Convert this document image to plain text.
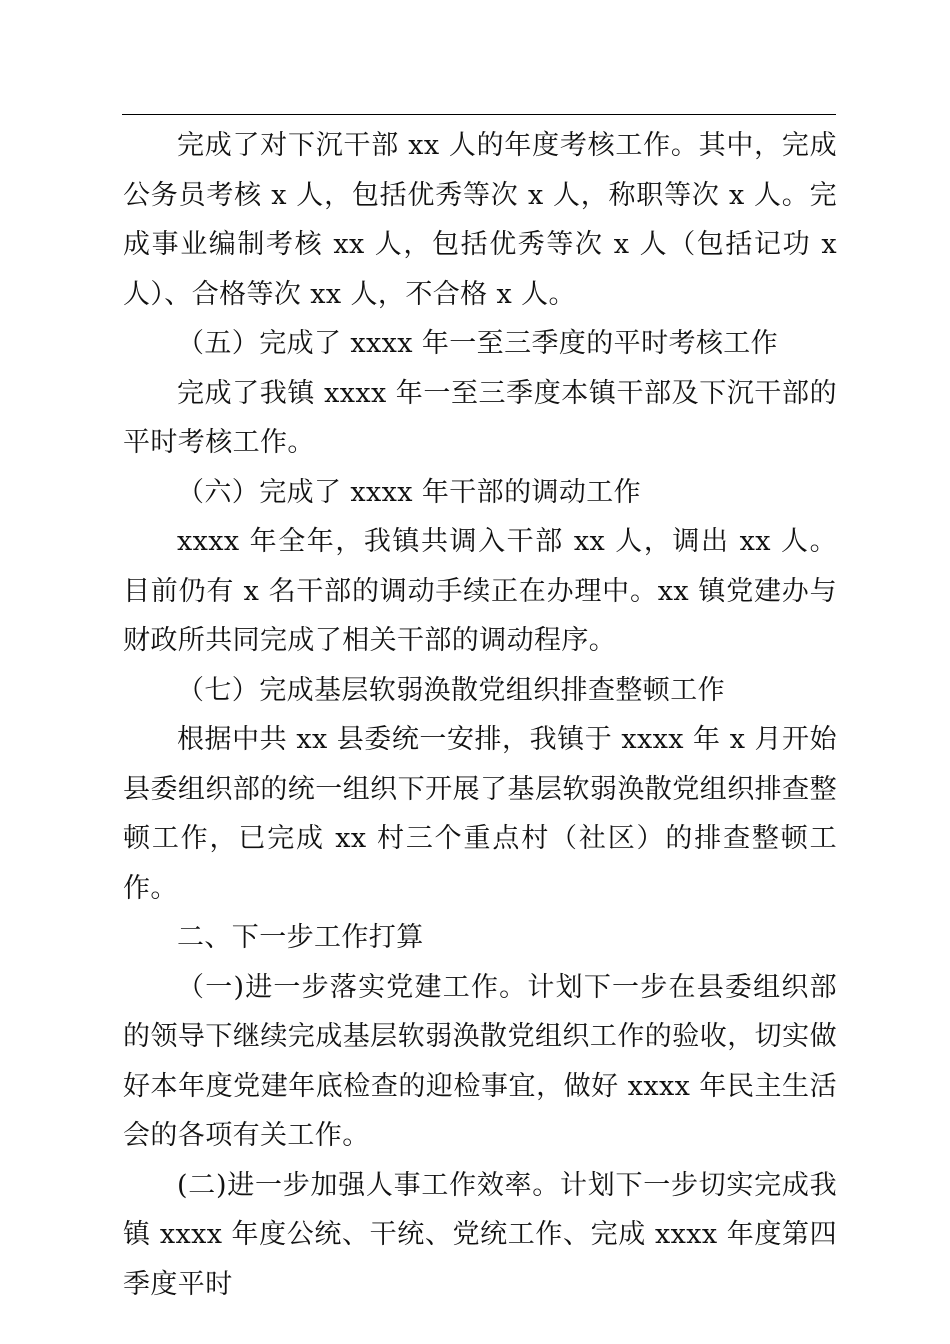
完成了对下沉干部 xx 人的年度考核工作。其中，完成公务员考核 x 人，包括优秀等次 x 人，称职等次 x 人。完成事业编制考核 xx 人，包括优秀等次 x 人（包括记功 x 人）、合格等次 xx 人，不合格 x 人。

（五）完成了 xxxx 年一至三季度的平时考核工作

完成了我镇 xxxx 年一至三季度本镇干部及下沉干部的平时考核工作。

（六）完成了 xxxx 年干部的调动工作

xxxx 年全年，我镇共调入干部 xx 人，调出 xx 人。目前仍有 x 名干部的调动手续正在办理中。xx 镇党建办与财政所共同完成了相关干部的调动程序。

（七）完成基层软弱涣散党组织排查整顿工作

根据中共 xx 县委统一安排，我镇于 xxxx 年 x 月开始县委组织部的统一组织下开展了基层软弱涣散党组织排查整顿工作，已完成 xx 村三个重点村（社区）的排查整顿工作。

二、下一步工作打算

（一)进一步落实党建工作。计划下一步在县委组织部的领导下继续完成基层软弱涣散党组织工作的验收，切实做好本年度党建年底检查的迎检事宜，做好 xxxx 年民主生活会的各项有关工作。

(二)进一步加强人事工作效率。计划下一步切实完成我镇 xxxx 年度公统、干统、党统工作、完成 xxxx 年度第四季度平时
